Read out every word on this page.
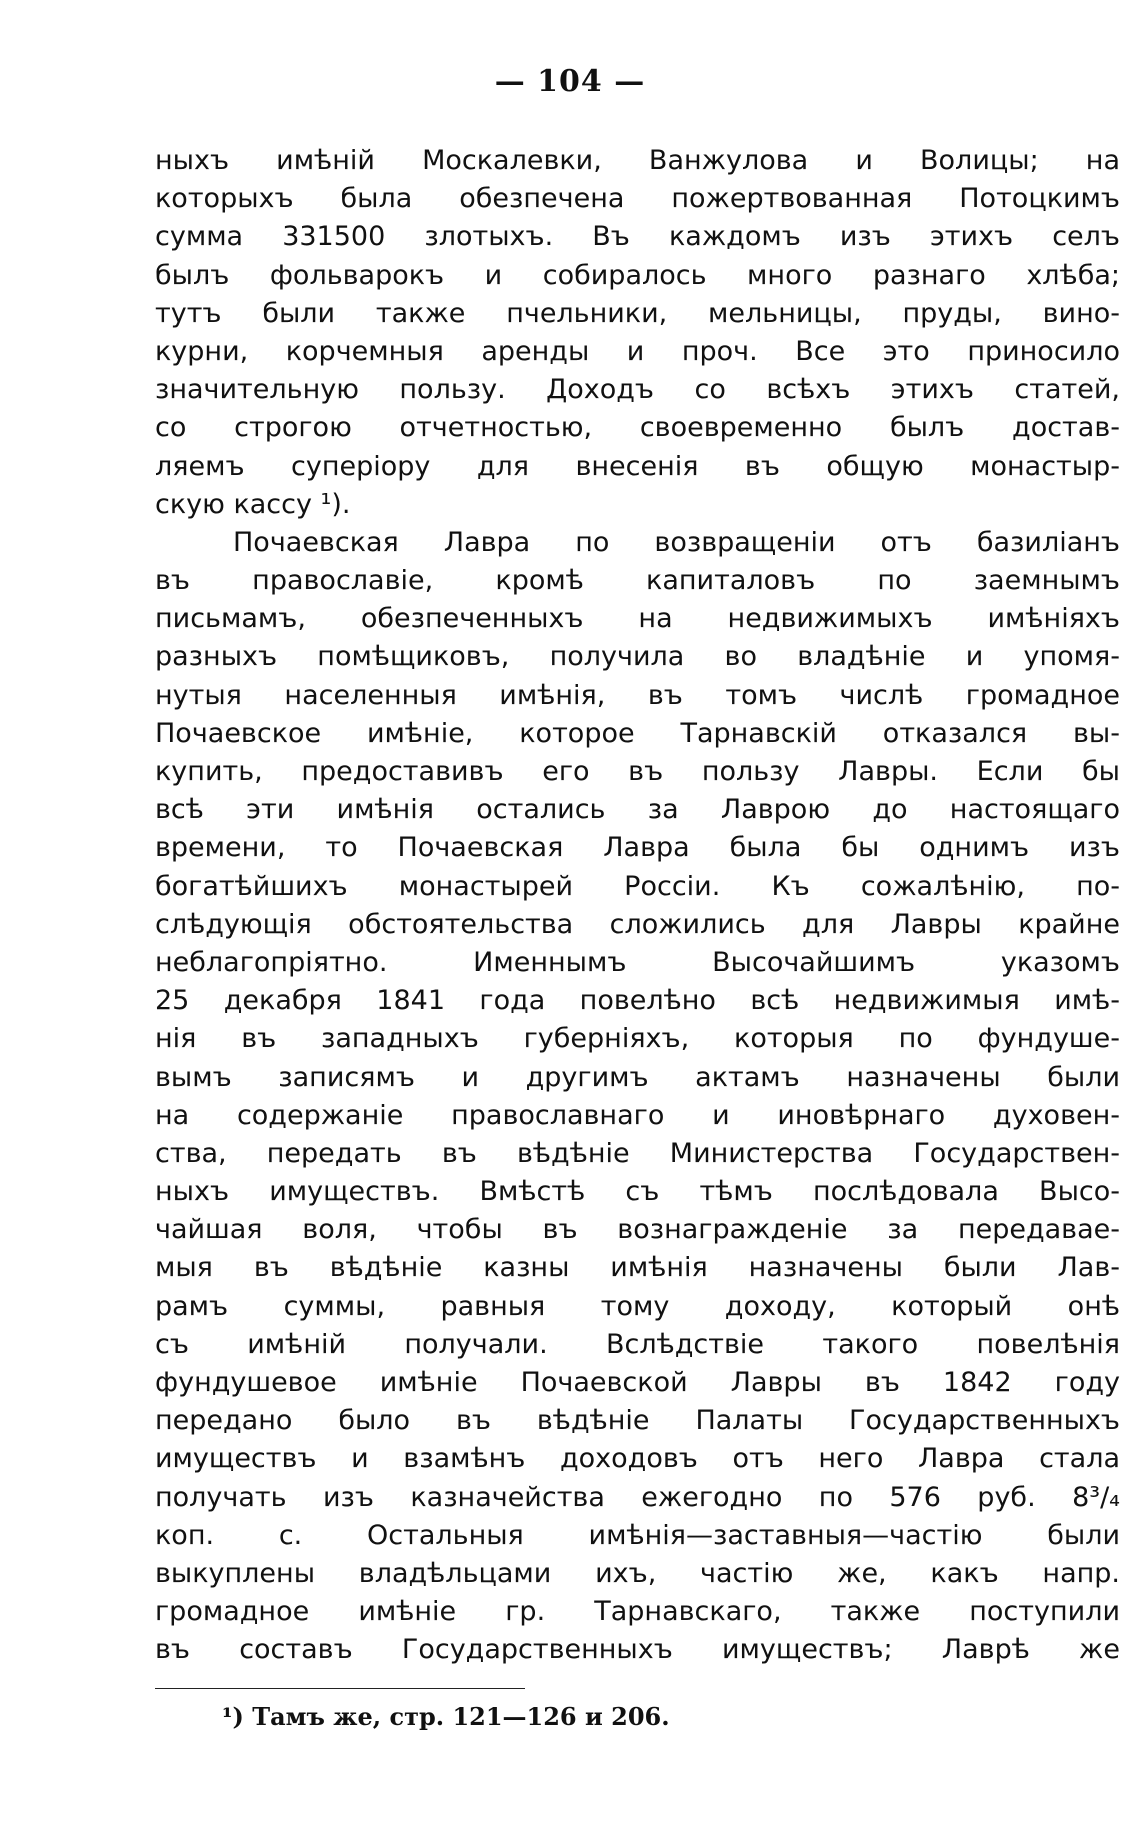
— 104 —
ныхъ имѣній Москалевки, Ванжулова и Волицы; на
которыхъ была обезпечена пожертвованная Потоцкимъ
сумма 331500 злотыхъ. Въ каждомъ изъ этихъ селъ
былъ фольварокъ и собиралось много разнаго хлѣба;
тутъ были также пчельники, мельницы, пруды, вино-
курни, корчемныя аренды и проч. Все это приносило
значительную пользу. Доходъ со всѣхъ этихъ статей,
со строгою отчетностью, своевременно былъ достав-
ляемъ суперіору для внесенія въ общую монастыр-
скую кассу ¹).
Почаевская Лавра по возвращеніи отъ базиліанъ
въ православіе, кромѣ капиталовъ по заемнымъ
письмамъ, обезпеченныхъ на недвижимыхъ имѣніяхъ
разныхъ помѣщиковъ, получила во владѣніе и упомя-
нутыя населенныя имѣнія, въ томъ числѣ громадное
Почаевское имѣніе, которое Тарнавскій отказался вы-
купить, предоставивъ его въ пользу Лавры. Если бы
всѣ эти имѣнія остались за Лаврою до настоящаго
времени, то Почаевская Лавра была бы однимъ изъ
богатѣйшихъ монастырей Россіи. Къ сожалѣнію, по-
слѣдующія обстоятельства сложились для Лавры крайне
неблагопріятно. Именнымъ Высочайшимъ указомъ
25 декабря 1841 года повелѣно всѣ недвижимыя имѣ-
нія въ западныхъ губерніяхъ, которыя по фундуше-
вымъ записямъ и другимъ актамъ назначены были
на содержаніе православнаго и иновѣрнаго духовен-
ства, передать въ вѣдѣніе Министерства Государствен-
ныхъ имуществъ. Вмѣстѣ съ тѣмъ послѣдовала Высо-
чайшая воля, чтобы въ вознагражденіе за передавае-
мыя въ вѣдѣніе казны имѣнія назначены были Лав-
рамъ суммы, равныя тому доходу, который онѣ
съ имѣній получали. Вслѣдствіе такого повелѣнія
фундушевое имѣніе Почаевской Лавры въ 1842 году
передано было въ вѣдѣніе Палаты Государственныхъ
имуществъ и взамѣнъ доходовъ отъ него Лавра стала
получать изъ казначейства ежегодно по 576 руб. 8³/₄
коп. с. Остальныя имѣнія—заставныя—частію были
выкуплены владѣльцами ихъ, частію же, какъ напр.
громадное имѣніе гр. Тарнавскаго, также поступили
въ составъ Государственныхъ имуществъ; Лаврѣ же
¹) Тамъ же, стр. 121—126 и 206.
